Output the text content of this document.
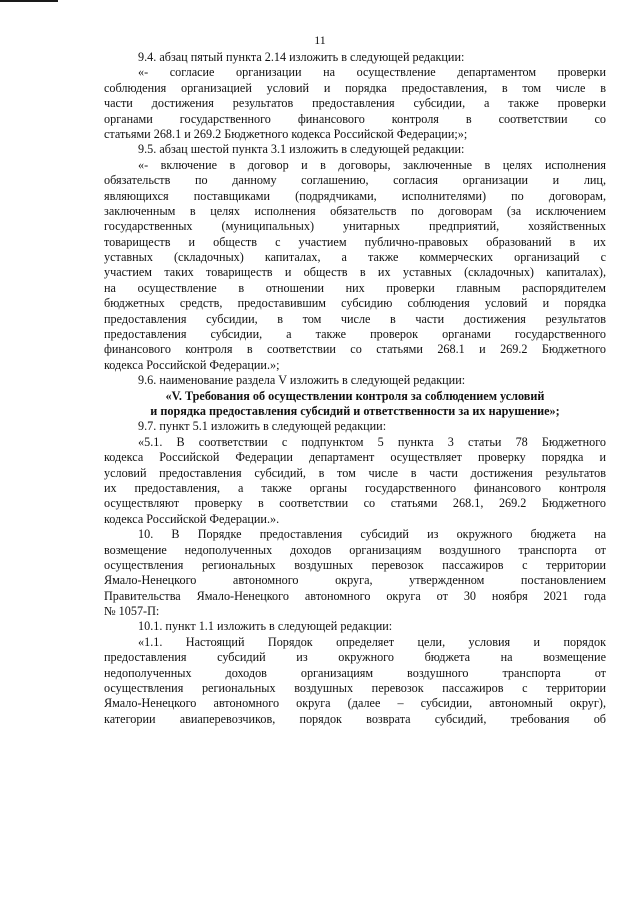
11
9.4. абзац пятый пункта 2.14 изложить в следующей редакции:
«- согласие организации на осуществление департаментом проверки
соблюдения организацией условий и порядка предоставления, в том числе в
части достижения результатов предоставления субсидии, а также проверки
органами государственного финансового контроля в соответствии со
статьями 268.1 и 269.2 Бюджетного кодекса Российской Федерации;»;
9.5. абзац шестой пункта 3.1 изложить в следующей редакции:
«- включение в договор и в договоры, заключенные в целях исполнения
обязательств по данному соглашению, согласия организации и лиц,
являющихся поставщиками (подрядчиками, исполнителями) по договорам,
заключенным в целях исполнения обязательств по договорам (за исключением
государственных (муниципальных) унитарных предприятий, хозяйственных
товариществ и обществ с участием публично-правовых образований в их
уставных (складочных) капиталах, а также коммерческих организаций с
участием таких товариществ и обществ в их уставных (складочных) капиталах),
на осуществление в отношении них проверки главным распорядителем
бюджетных средств, предоставившим субсидию соблюдения условий и порядка
предоставления субсидии, в том числе в части достижения результатов
предоставления субсидии, а также проверок органами государственного
финансового контроля в соответствии со статьями 268.1 и 269.2 Бюджетного
кодекса Российской Федерации.»;
9.6. наименование раздела V изложить в следующей редакции:
«V. Требования об осуществлении контроля за соблюдением условий
и порядка предоставления субсидий и ответственности за их нарушение»;
9.7. пункт 5.1 изложить в следующей редакции:
«5.1. В соответствии с подпунктом 5 пункта 3 статьи 78 Бюджетного
кодекса Российской Федерации департамент осуществляет проверку порядка и
условий предоставления субсидий, в том числе в части достижения результатов
их предоставления, а также органы государственного финансового контроля
осуществляют проверку в соответствии со статьями 268.1, 269.2 Бюджетного
кодекса Российской Федерации.».
10. В Порядке предоставления субсидий из окружного бюджета на
возмещение недополученных доходов организациям воздушного транспорта от
осуществления региональных воздушных перевозок пассажиров с территории
Ямало-Ненецкого автономного округа, утвержденном постановлением
Правительства Ямало-Ненецкого автономного округа от 30 ноября 2021 года
№ 1057-П:
10.1. пункт 1.1 изложить в следующей редакции:
«1.1. Настоящий Порядок определяет цели, условия и порядок
предоставления субсидий из окружного бюджета на возмещение
недополученных доходов организациям воздушного транспорта от
осуществления региональных воздушных перевозок пассажиров с территории
Ямало-Ненецкого автономного округа (далее – субсидии, автономный округ),
категории авиаперевозчиков, порядок возврата субсидий, требования об
